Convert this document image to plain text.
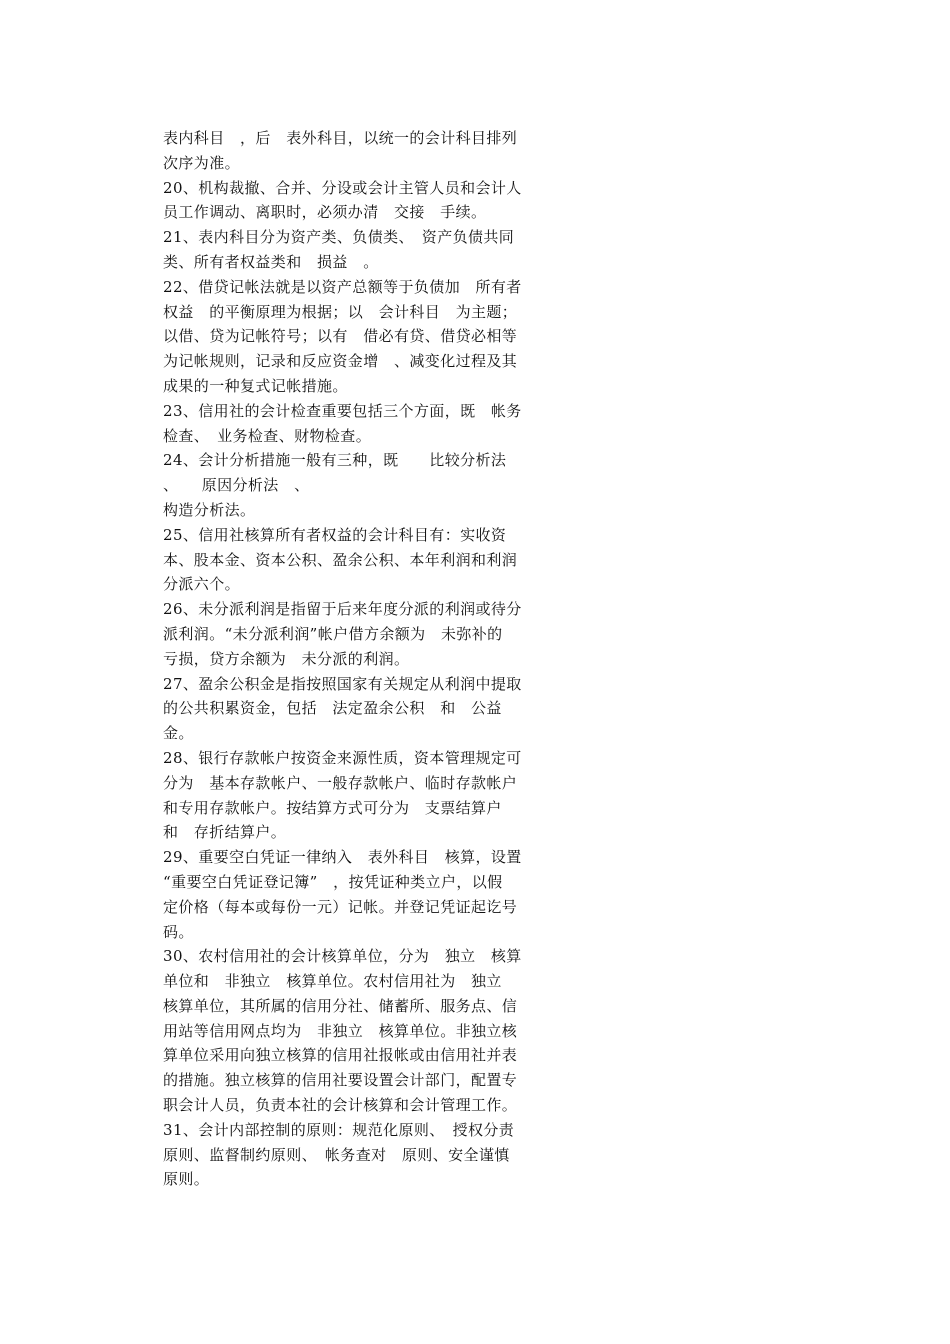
表内科目　，后　表外科目，以统一的会计科目排列
次序为准。
20、机构裁撤、合并、分设或会计主管人员和会计人
员工作调动、离职时，必须办清　交接　手续。
21、表内科目分为资产类、负债类、　资产负债共同
类、所有者权益类和　损益　。
22、借贷记帐法就是以资产总额等于负债加　所有者
权益　的平衡原理为根据；以　会计科目　为主题；
以借、贷为记帐符号；以有　借必有贷、借贷必相等
为记帐规则，记录和反应资金增　、减变化过程及其
成果的一种复式记帐措施。
23、信用社的会计检查重要包括三个方面，既　帐务
检查、　业务检查、财物检查。
24、会计分析措施一般有三种，既　　比较分析法
、　　原因分析法　、
构造分析法。
25、信用社核算所有者权益的会计科目有：实收资
本、股本金、资本公积、盈余公积、本年利润和利润
分派六个。
26、未分派利润是指留于后来年度分派的利润或待分
派利润。“未分派利润”帐户借方余额为　未弥补的
亏损，贷方余额为　未分派的利润。
27、盈余公积金是指按照国家有关规定从利润中提取
的公共积累资金，包括　法定盈余公积　和　公益
金。
28、银行存款帐户按资金来源性质，资本管理规定可
分为　基本存款帐户、一般存款帐户、临时存款帐户
和专用存款帐户。按结算方式可分为　支票结算户
和　存折结算户。
29、重要空白凭证一律纳入　表外科目　核算，设置
“重要空白凭证登记簿”　，按凭证种类立户，以假
定价格（每本或每份一元）记帐。并登记凭证起讫号
码。
30、农村信用社的会计核算单位，分为　独立　核算
单位和　非独立　核算单位。农村信用社为　独立
核算单位，其所属的信用分社、储蓄所、服务点、信
用站等信用网点均为　非独立　核算单位。非独立核
算单位采用向独立核算的信用社报帐或由信用社并表
的措施。独立核算的信用社要设置会计部门，配置专
职会计人员，负责本社的会计核算和会计管理工作。
31、会计内部控制的原则：规范化原则、　授权分责
原则、监督制约原则、　帐务查对　原则、安全谨慎
原则。
